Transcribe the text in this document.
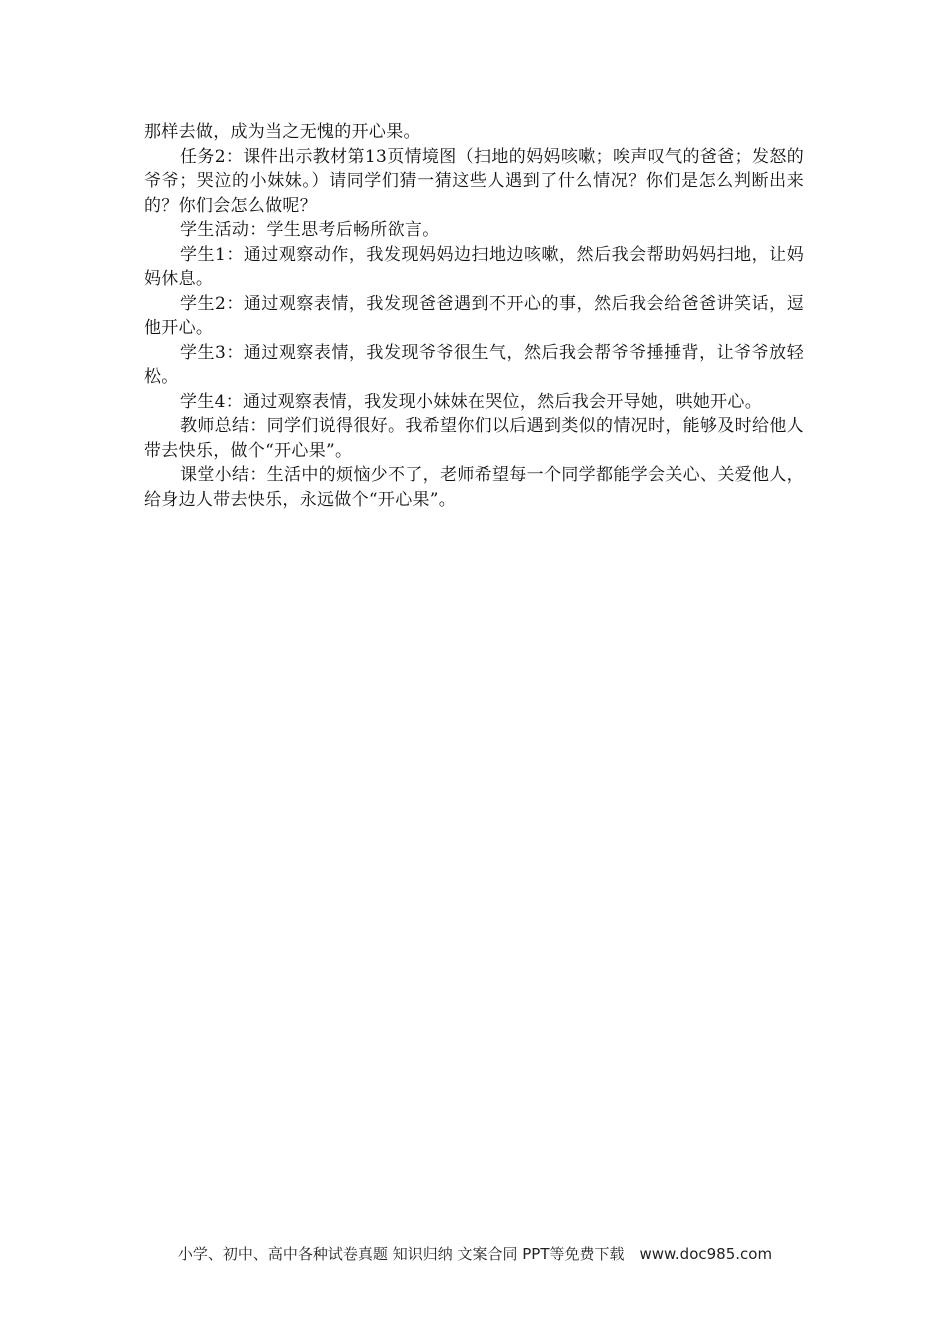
那样去做，成为当之无愧的开心果。

任务2：课件出示教材第13页情境图（扫地的妈妈咳嗽；唉声叹气的爸爸；发怒的爷爷；哭泣的小妹妹。）请同学们猜一猜这些人遇到了什么情况？你们是怎么判断出来的？你们会怎么做呢？

学生活动：学生思考后畅所欲言。

学生1：通过观察动作，我发现妈妈边扫地边咳嗽，然后我会帮助妈妈扫地，让妈妈休息。

学生2：通过观察表情，我发现爸爸遇到不开心的事，然后我会给爸爸讲笑话，逗他开心。

学生3：通过观察表情，我发现爷爷很生气，然后我会帮爷爷捶捶背，让爷爷放轻松。

学生4：通过观察表情，我发现小妹妹在哭位，然后我会开导她，哄她开心。

教师总结：同学们说得很好。我希望你们以后遇到类似的情况时，能够及时给他人带去快乐，做个“开心果”。

课堂小结：生活中的烦恼少不了，老师希望每一个同学都能学会关心、关爱他人，给身边人带去快乐，永远做个“开心果”。

小学、初中、高中各种试卷真题 知识归纳 文案合同 PPT等免费下载　www.doc985.com
